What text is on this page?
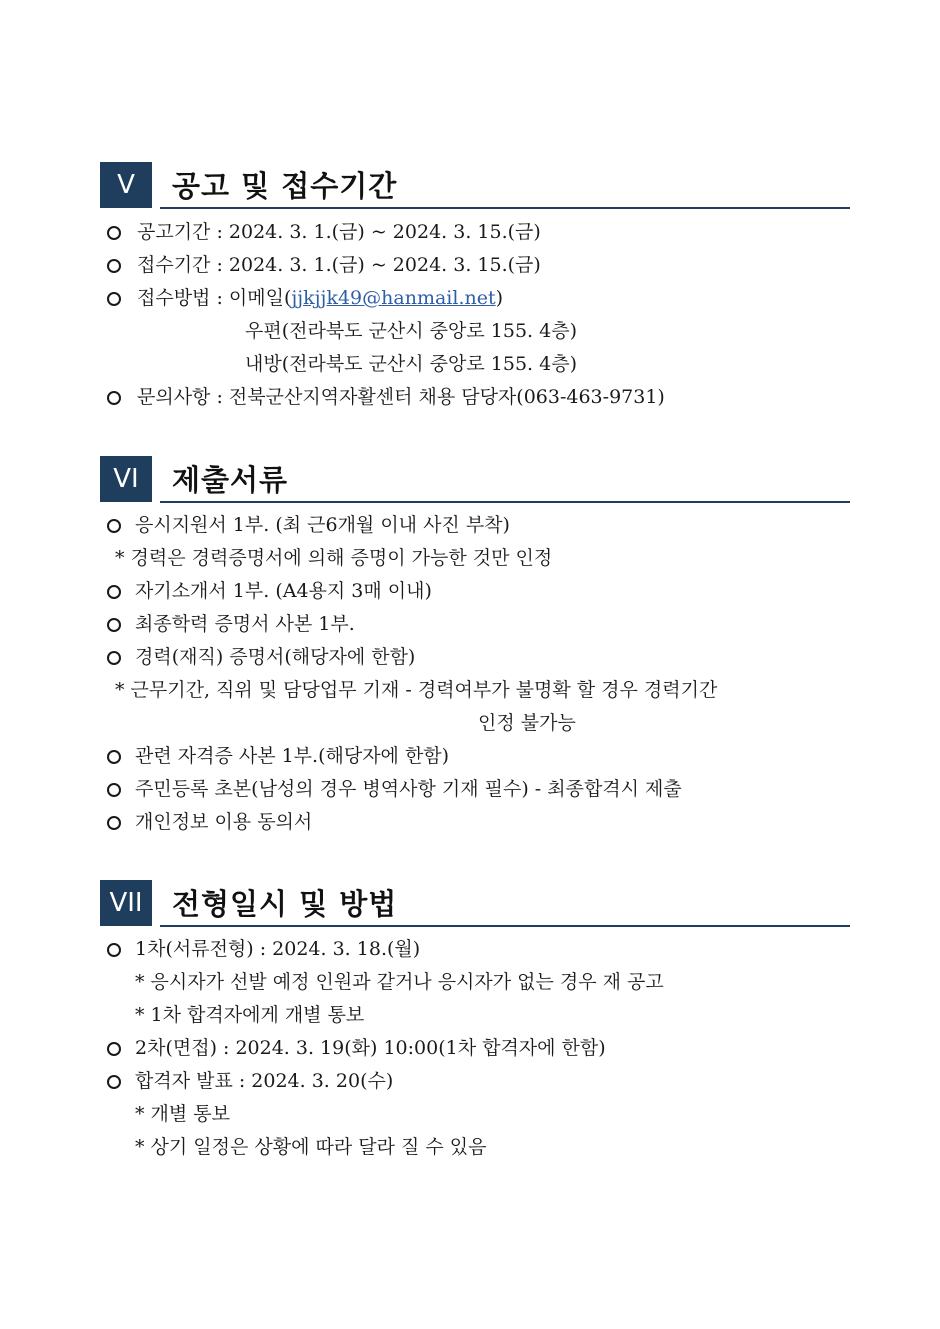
V	공고 및 접수기간
공고기간 : 2024. 3. 1.(금) ~ 2024. 3. 15.(금)
접수기간 : 2024. 3. 1.(금) ~ 2024. 3. 15.(금)
접수방법 : 이메일(jjkjjk49@hanmail.net)
우편(전라북도 군산시 중앙로 155. 4층)
내방(전라북도 군산시 중앙로 155. 4층)
문의사항 : 전북군산지역자활센터 채용 담당자(063-463-9731)
VI	제출서류
응시지원서 1부. (최 근6개월 이내 사진 부착)
* 경력은 경력증명서에 의해 증명이 가능한 것만 인정
자기소개서 1부. (A4용지 3매 이내)
최종학력 증명서 사본 1부.
경력(재직) 증명서(해당자에 한함)
* 근무기간, 직위 및 담당업무 기재 - 경력여부가 불명확 할 경우 경력기간
인정 불가능
관련 자격증 사본 1부.(해당자에 한함)
주민등록 초본(남성의 경우 병역사항 기재 필수) - 최종합격시 제출
개인정보 이용 동의서
VII	전형일시 및 방법
1차(서류전형) : 2024. 3. 18.(월)
* 응시자가 선발 예정 인원과 같거나 응시자가 없는 경우 재 공고
* 1차 합격자에게 개별 통보
2차(면접) : 2024. 3. 19(화) 10:00(1차 합격자에 한함)
합격자 발표 : 2024. 3. 20(수)
* 개별 통보
* 상기 일정은 상황에 따라 달라 질 수 있음
